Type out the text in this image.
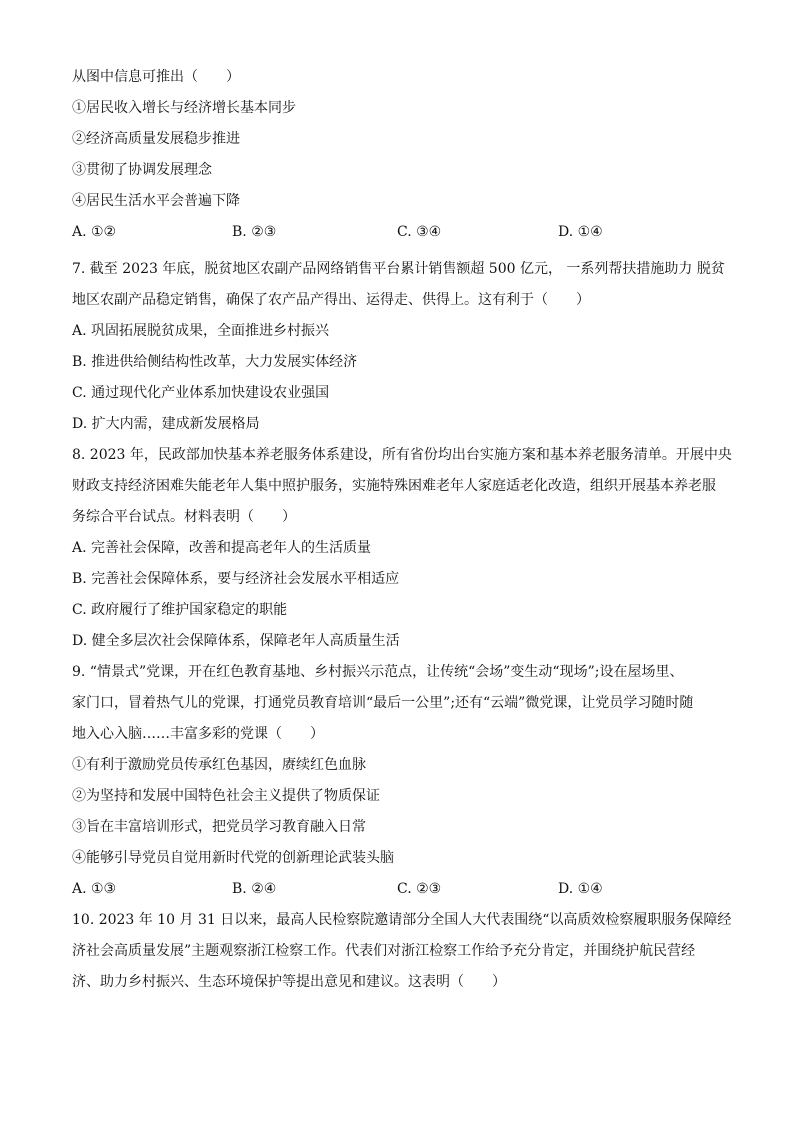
从图中信息可推出（　　）
①居民收入增长与经济增长基本同步
②经济高质量发展稳步推进
③贯彻了协调发展理念
④居民生活水平会普遍下降
A. ①②	B. ②③	C. ③④	D. ①④
7. 截至 2023 年底，脱贫地区农副产品网络销售平台累计销售额超 500 亿元， 一系列帮扶措施助力 脱贫
地区农副产品稳定销售，确保了农产品产得出、运得走、供得上。这有利于（　　）
A. 巩固拓展脱贫成果，全面推进乡村振兴
B. 推进供给侧结构性改革，大力发展实体经济
C. 通过现代化产业体系加快建设农业强国
D. 扩大内需，建成新发展格局
8. 2023 年，民政部加快基本养老服务体系建设，所有省份均出台实施方案和基本养老服务清单。开展中央
财政支持经济困难失能老年人集中照护服务，实施特殊困难老年人家庭适老化改造，组织开展基本养老服
务综合平台试点。材料表明（　　）
A. 完善社会保障，改善和提高老年人的生活质量
B. 完善社会保障体系，要与经济社会发展水平相适应
C. 政府履行了维护国家稳定的职能
D. 健全多层次社会保障体系，保障老年人高质量生活
9. “情景式”党课，开在红色教育基地、乡村振兴示范点，让传统“会场”变生动“现场”;设在屋场里、
家门口，冒着热气儿的党课，打通党员教育培训“最后一公里”;还有“云端”微党课，让党员学习随时随
地入心入脑……丰富多彩的党课（　　）
①有利于激励党员传承红色基因，赓续红色血脉
②为坚持和发展中国特色社会主义提供了物质保证
③旨在丰富培训形式，把党员学习教育融入日常
④能够引导党员自觉用新时代党的创新理论武装头脑
A. ①③	B. ②④	C. ②③	D. ①④
10. 2023 年 10 月 31 日以来，最高人民检察院邀请部分全国人大代表围绕“以高质效检察履职服务保障经
济社会高质量发展”主题观察浙江检察工作。代表们对浙江检察工作给予充分肯定，并围绕护航民营经
济、助力乡村振兴、生态环境保护等提出意见和建议。这表明（　　）
